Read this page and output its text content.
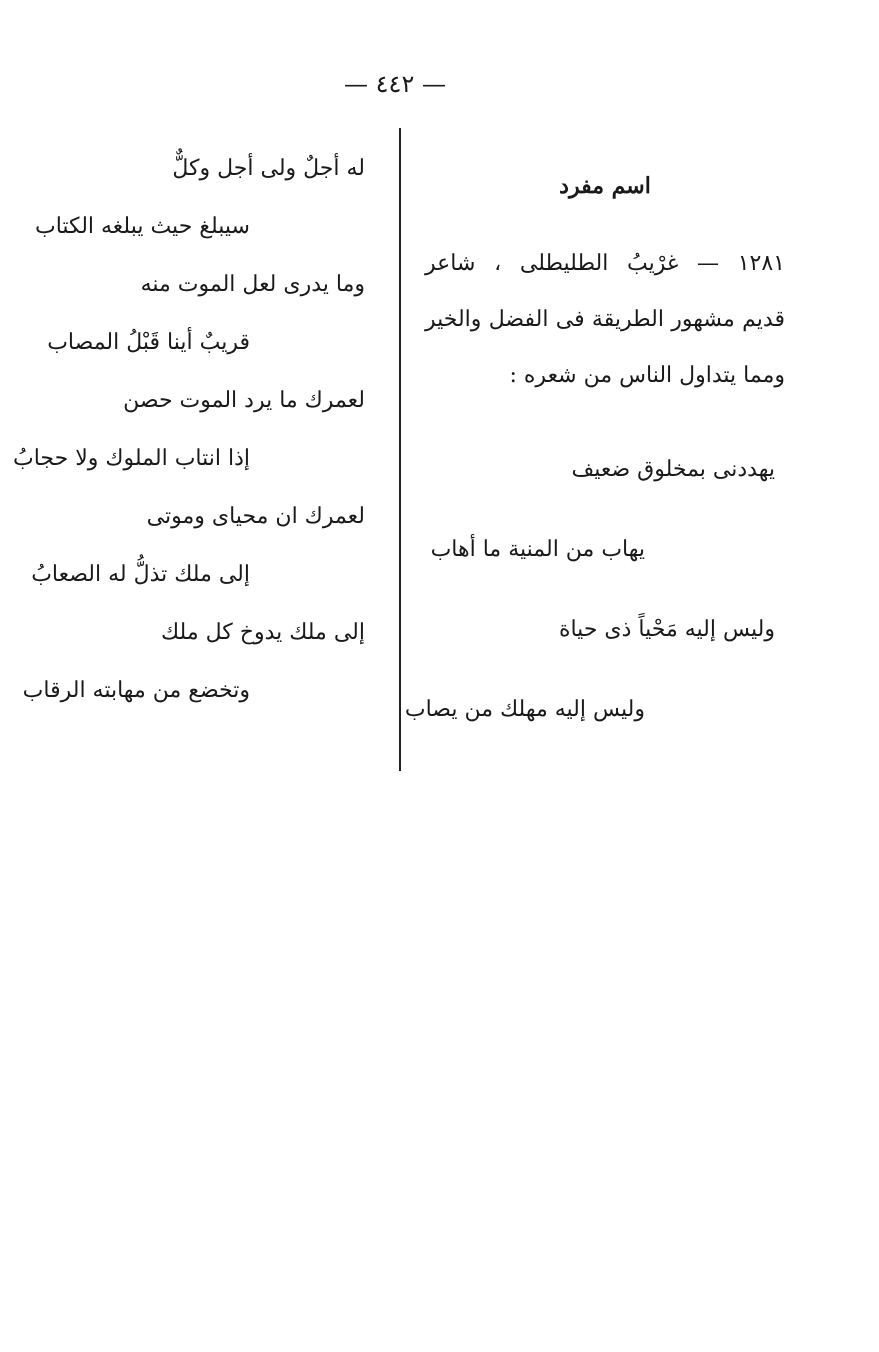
— ٤٤٢ —
اسم مفرد
١٢٨١ — غرْيبُ الطليطلى ، شاعر
قديم مشهور الطريقة فى الفضل والخير
ومما يتداول الناس من شعره :
يهددنى بمخلوق ضعيف
يهاب من المنية ما أهاب
وليس إليه مَحْياً ذى حياة
وليس إليه مهلك من يصاب
له أجلٌ ولى أجل وكلٌّ
سيبلغ حيث يبلغه الكتاب
وما يدرى لعل الموت منه
قريبٌ أينا قَبْلُ المصاب
لعمرك ما يرد الموت حصن
إذا انتاب الملوك ولا حجابُ
لعمرك ان محياى وموتى
إلى ملك تذلُّ له الصعابُ
إلى ملك يدوخ كل ملك
وتخضع من مهابته الرقاب
